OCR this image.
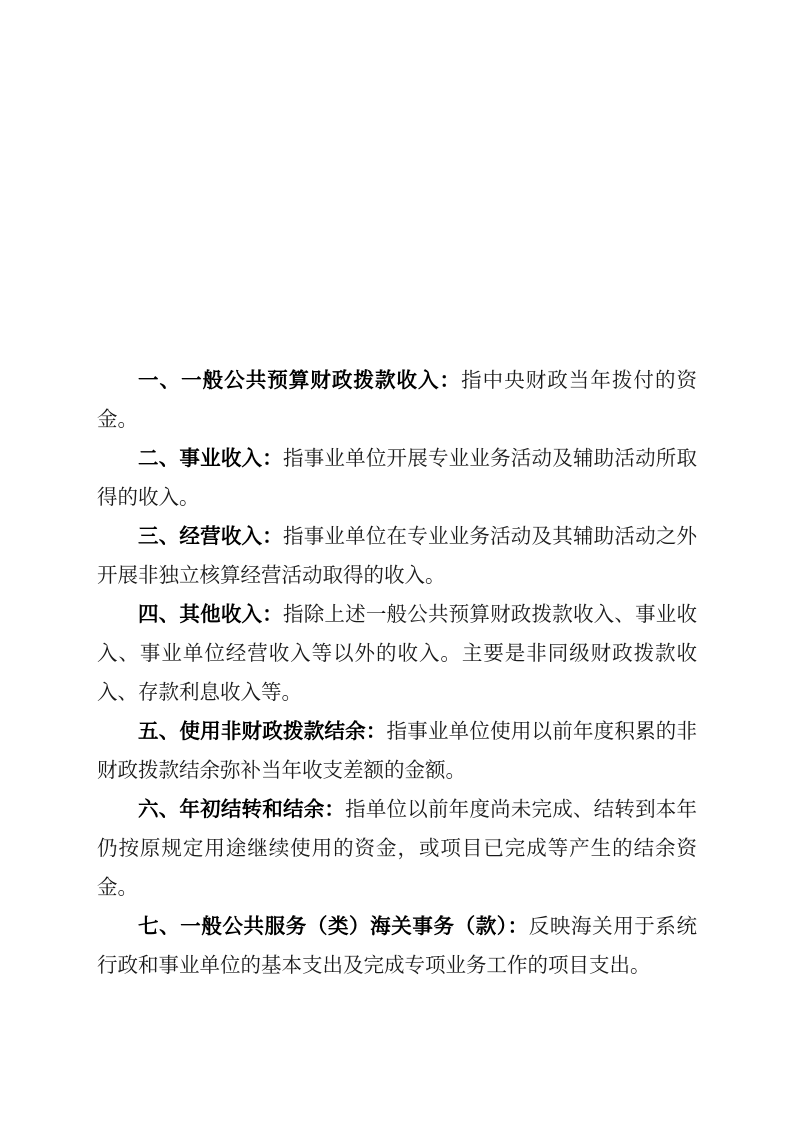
一、一般公共预算财政拨款收入：指中央财政当年拨付的资金。

二、事业收入：指事业单位开展专业业务活动及辅助活动所取得的收入。

三、经营收入：指事业单位在专业业务活动及其辅助活动之外开展非独立核算经营活动取得的收入。

四、其他收入：指除上述一般公共预算财政拨款收入、事业收入、事业单位经营收入等以外的收入。主要是非同级财政拨款收入、存款利息收入等。

五、使用非财政拨款结余：指事业单位使用以前年度积累的非财政拨款结余弥补当年收支差额的金额。

六、年初结转和结余：指单位以前年度尚未完成、结转到本年仍按原规定用途继续使用的资金，或项目已完成等产生的结余资金。

七、一般公共服务（类）海关事务（款）：反映海关用于系统行政和事业单位的基本支出及完成专项业务工作的项目支出。
